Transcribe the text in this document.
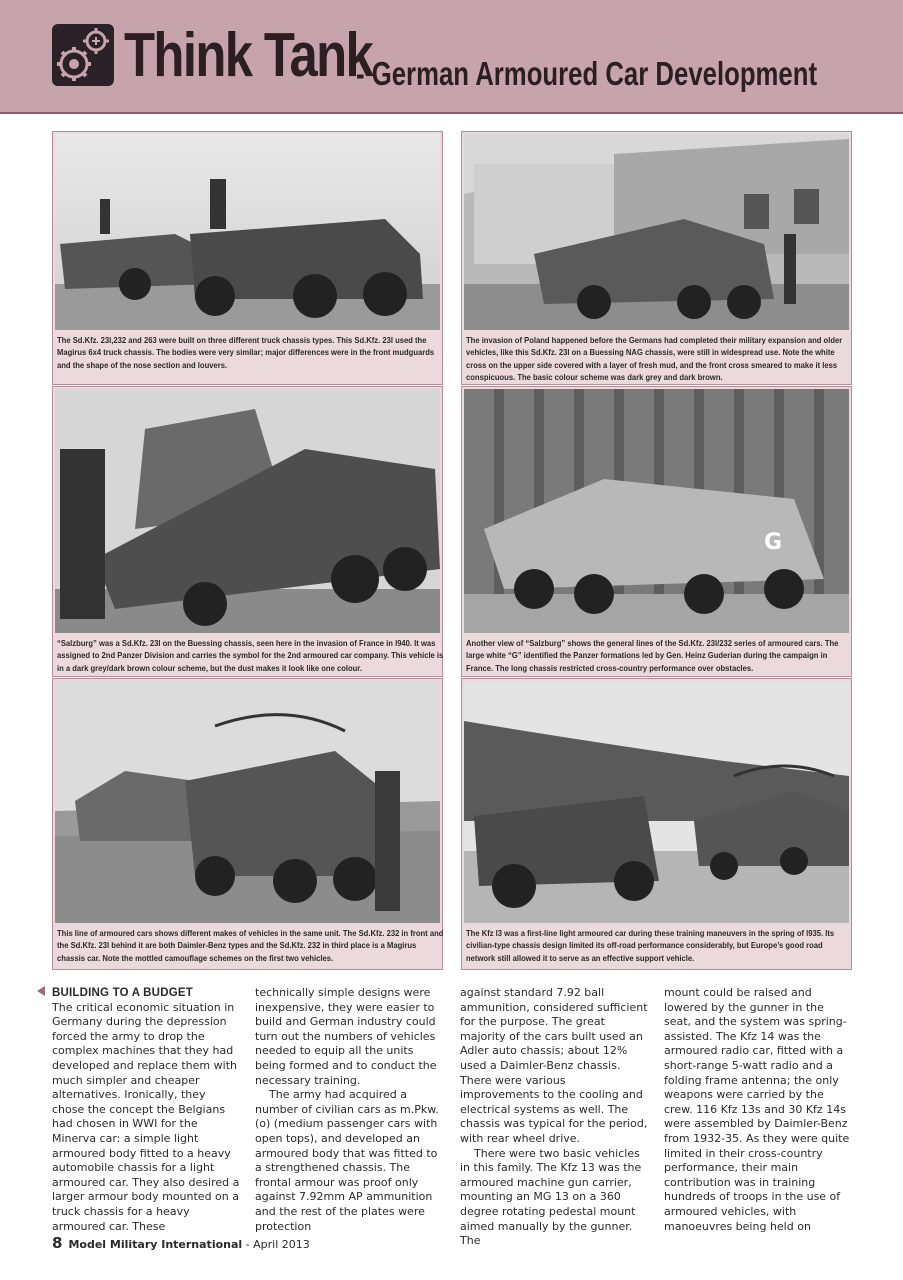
Think Tank
- German Armoured Car Development
The Sd.Kfz. 23l,232 and 263 were built on three different truck chassis types. This Sd.Kfz. 23l used the Magirus 6x4 truck chassis. The bodies were very similar; major differences were in the front mudguards and the shape of the nose section and louvers.
The invasion of Poland happened before the Germans had completed their military expansion and older vehicles, like this Sd.Kfz. 23l on a Buessing NAG chassis, were still in widespread use. Note the white cross on the upper side covered with a layer of fresh mud, and the front cross smeared to make it less conspicuous. The basic colour scheme was dark grey and dark brown.
“Salzburg” was a Sd.Kfz. 23l on the Buessing chassis, seen here in the invasion of France in l940. It was assigned to 2nd Panzer Division and carries the symbol for the 2nd armoured car company. This vehicle is in a dark grey/dark brown colour scheme, but the dust makes it look like one colour.
G
Another view of “Salzburg” shows the general lines of the Sd.Kfz. 23l/232 series of armoured cars. The large white “G” identified the Panzer formations led by Gen. Heinz Guderian during the campaign in France. The long chassis restricted cross-country performance over obstacles.
This line of armoured cars shows different makes of vehicles in the same unit. The Sd.Kfz. 232 in front and the Sd.Kfz. 23l behind it are both Daimler-Benz types and the Sd.Kfz. 232 in third place is a Magirus chassis car. Note the mottled camouflage schemes on the first two vehicles.
The Kfz l3 was a first-line light armoured car during these training maneuvers in the spring of l935. Its civilian-type chassis design limited its off-road performance considerably, but Europe’s good road network still allowed it to serve as an effective support vehicle.

BUILDING TO A BUDGET

The critical economic situation in Germany during the depression forced the army to drop the complex machines that they had developed and replace them with much simpler and cheaper alternatives. Ironically, they chose the concept the Belgians had chosen in WWI for the Minerva car: a simple light armoured body fitted to a heavy automobile chassis for a light armoured car. They also desired a larger armour body mounted on a truck chassis for a heavy armoured car. These

technically simple designs were inexpensive, they were easier to build and German industry could turn out the numbers of vehicles needed to equip all the units being formed and to conduct the necessary training.

The army had acquired a number of civilian cars as m.Pkw. (o) (medium passenger cars with open tops), and developed an armoured body that was fitted to a strengthened chassis. The frontal armour was proof only against 7.92mm AP ammunition and the rest of the plates were protection

against standard 7.92 ball ammunition, considered sufficient for the purpose. The great majority of the cars built used an Adler auto chassis; about 12% used a Daimler-Benz chassis. There were various improvements to the cooling and electrical systems as well. The chassis was typical for the period, with rear wheel drive.

There were two basic vehicles in this family. The Kfz 13 was the armoured machine gun carrier, mounting an MG 13 on a 360 degree rotating pedestal mount aimed manually by the gunner. The

mount could be raised and lowered by the gunner in the seat, and the system was spring-assisted. The Kfz 14 was the armoured radio car, fitted with a short-range 5-watt radio and a folding frame antenna; the only weapons were carried by the crew. 116 Kfz 13s and 30 Kfz 14s were assembled by Daimler-Benz from 1932-35. As they were quite limited in their cross-country performance, their main contribution was in training hundreds of troops in the use of armoured vehicles, with manoeuvres being held on

8 Model Military International - April 2013
